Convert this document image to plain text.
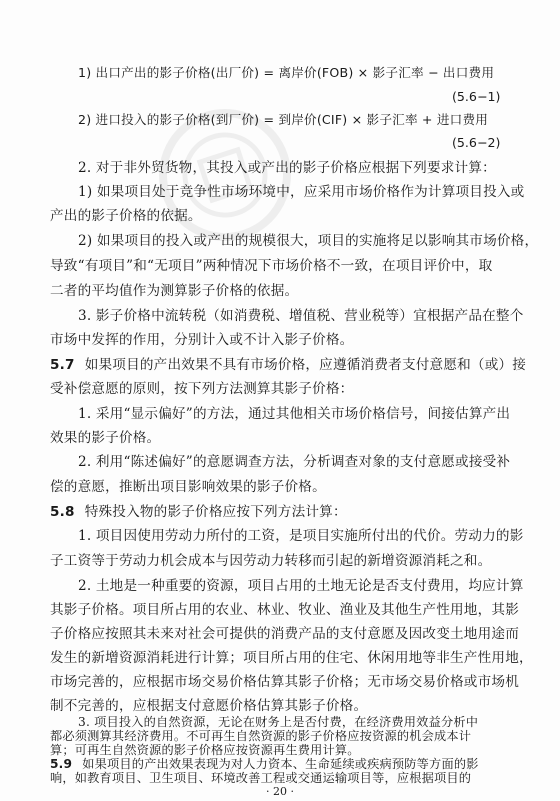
1) 出口产出的影子价格(出厂价) = 离岸价(FOB) × 影子汇率 − 出口费用
(5.6−1)
2) 进口投入的影子价格(到厂价) = 到岸价(CIF) × 影子汇率 + 进口费用
(5.6−2)
2. 对于非外贸货物，其投入或产出的影子价格应根据下列要求计算：
1) 如果项目处于竞争性市场环境中，应采用市场价格作为计算项目投入或
产出的影子价格的依据。
2) 如果项目的投入或产出的规模很大，项目的实施将足以影响其市场价格，
导致“有项目”和“无项目”两种情况下市场价格不一致，在项目评价中，取
二者的平均值作为测算影子价格的依据。
3. 影子价格中流转税（如消费税、增值税、营业税等）宜根据产品在整个
市场中发挥的作用，分别计入或不计入影子价格。
5.7 如果项目的产出效果不具有市场价格，应遵循消费者支付意愿和（或）接
受补偿意愿的原则，按下列方法测算其影子价格：
1. 采用“显示偏好”的方法，通过其他相关市场价格信号，间接估算产出
效果的影子价格。
2. 利用“陈述偏好”的意愿调查方法，分析调查对象的支付意愿或接受补
偿的意愿，推断出项目影响效果的影子价格。
5.8 特殊投入物的影子价格应按下列方法计算：
1. 项目因使用劳动力所付的工资，是项目实施所付出的代价。劳动力的影
子工资等于劳动力机会成本与因劳动力转移而引起的新增资源消耗之和。
2. 土地是一种重要的资源，项目占用的土地无论是否支付费用，均应计算
其影子价格。项目所占用的农业、林业、牧业、渔业及其他生产性用地，其影
子价格应按照其未来对社会可提供的消费产品的支付意愿及因改变土地用途而
发生的新增资源消耗进行计算；项目所占用的住宅、休闲用地等非生产性用地，
市场完善的，应根据市场交易价格估算其影子价格；无市场交易价格或市场机
制不完善的，应根据支付意愿价格估算其影子价格。
3. 项目投入的自然资源，无论在财务上是否付费，在经济费用效益分析中
都必须测算其经济费用。不可再生自然资源的影子价格应按资源的机会成本计
算；可再生自然资源的影子价格应按资源再生费用计算。
5.9 如果项目的产出效果表现为对人力资本、生命延续或疾病预防等方面的影
响，如教育项目、卫生项目、环境改善工程或交通运输项目等，应根据项目的
· 20 ·
